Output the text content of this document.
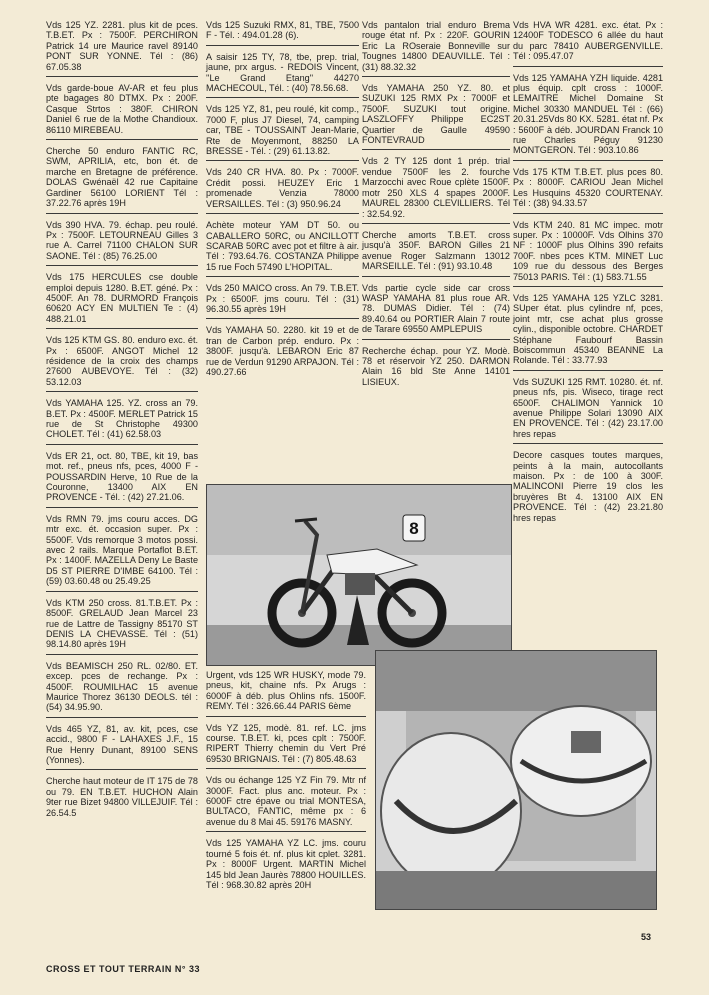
Vds 125 YZ. 2281. plus kit de pces. T.B.ET. Px : 7500F. PERCHIRON Patrick 14 ure Maurice ravel 89140 PONT SUR YONNE. Tél : (86) 67.05.38
Vds garde-boue AV-AR et feu plus pte bagages 80 DTMX. Px : 200F. Casque Strtos : 380F. CHIRON Daniel 6 rue de la Mothe Chandioux. 86110 MIREBEAU.
Cherche 50 enduro FANTIC RC, SWM, APRILIA, etc, bon ét. de marche en Bretagne de préférence. DOLAS Gwénaël 42 rue Capitaine Gardiner 56100 LORIENT Tél : 37.22.76 après 19H
Vds 390 HVA. 79. échap. peu roulé. Px : 7500F. LETOURNEAU Gilles 3 rue A. Carrel 71100 CHALON SUR SAONE. Tél : (85) 76.25.00
Vds 175 HERCULES cse double emploi depuis 1280. B.ET. géné. Px : 4500F. An 78. DURMORD François 60620 ACY EN MULTIEN Te : (4) 488.21.01
Vds 125 KTM GS. 80. enduro exc. ét. Px : 6500F. ANGOT Michel 12 résidence de la croix des champs 27600 AUBEVOYE. Tél : (32) 53.12.03
Vds YAMAHA 125. YZ. cross an 79. B.ET. Px : 4500F. MERLET Patrick 15 rue de St Christophe 49300 CHOLET. Tél : (41) 62.58.03
Vds ER 21, oct. 80, TBE, kit 19, bas mot. ref., pneus nfs, pces, 4000 F - POUSSARDIN Herve, 10 Rue de la Couronne, 13400 AIX EN PROVENCE - Tél. : (42) 27.21.06.
Vds RMN 79. jms couru acces. DG mtr exc. ét. occasion super. Px : 5500F. Vds remorque 3 motos possi. avec 2 rails. Marque Portaflot B.ET. Px : 1400F. MAZELLA Deny Le Baste D5 ST PIERRE D'IMBE 64100. Tél : (59) 03.60.48 ou 25.49.25
Vds KTM 250 cross. 81.T.B.ET. Px : 8500F. GRELAUD Jean Marcel 23 rue de Lattre de Tassigny 85170 ST DENIS LA CHEVASSE. Tél : (51) 98.14.80 après 19H
Vds BEAMISCH 250 RL. 02/80. ET. excep. pces de rechange. Px : 4500F. ROUMILHAC 15 avenue Maurice Thorez 36130 DEOLS. tél : (54) 34.95.90.
Vds 465 YZ, 81, av. kit, pces, cse accid., 9800 F - LAHAXES J.F., 15 Rue Henry Dunant, 89100 SENS (Yonnes).
Cherche haut moteur de IT 175 de 78 ou 79. EN T.B.ET. HUCHON Alain 9ter rue Bizet 94800 VILLEJUIF. Tél : 26.54.5
Vds 125 Suzuki RMX, 81, TBE, 7500 F - Tél. : 494.01.28 (6).
A saisir 125 TY, 78, tbe, prep. trial, jaune, prx argus. - REDOIS Vincent, ''Le Grand Etang'' 44270 MACHECOUL, Tél. : (40) 78.56.68.
Vds 125 YZ, 81, peu roulé, kit comp., 7000 F, plus J7 Diesel, 74, camping car, TBE - TOUSSAINT Jean-Marie, Rte de Moyenmont, 88250 LA BRESSE - Tél. : (29) 61.13.82.
Vds 240 CR HVA. 80. Px : 7000F. Crédit possi. HEUZEY Eric 1 promenade Venzia 78000 VERSAILLES. Tél : (3) 950.96.24
Achète moteur YAM DT 50. ou CABALLERO 50RC, ou ANCILLOTT SCARAB 50RC avec pot et filtre à air. Tél : 793.64.76. COSTANZA Philippe 15 rue Foch 57490 L'HOPITAL.
Vds 250 MAICO cross. An 79. T.B.ET. Px : 6500F. jms couru. Tél : (31) 96.30.55 après 19H
Vds YAMAHA 50. 2280. kit 19 et de tran de Carbon prép. enduro. Px : 3800F. jusqu'à. LEBARON Eric 87 rue de Verdun 91290 ARPAJON. Tél : 490.27.66
Vds pantalon trial enduro Brema rouge état nf. Px : 220F. GOURIN Eric La ROseraie Bonneville sur Tougnes 14800 DEAUVILLE. Tél : (31) 88.32.32
Vds YAMAHA 250 YZ. 80. et SUZUKI 125 RMX Px : 7000F et 7500F. SUZUKI tout origine. LASZLOFFY Philippe EC2ST Quartier de Gaulle 49590 FONTEVRAUD
Vds 2 TY 125 dont 1 prép. trial vendue 7500F les 2. fourche Marzocchi avec Roue cplète 1500F. motr 250 XLS 4 spapes 2000F. MAUREL 28300 CLEVILLIERS. Tél : 32.54.92.
Cherche amorts T.B.ET. cross jusqu'à 350F. BARON Gilles 21 avenue Roger Salzmann 13012 MARSEILLE. Tél : (91) 93.10.48
Vds partie cycle side car cross WASP YAMAHA 81 plus roue AR. 78. DUMAS Didier. Tél : (74) 89.40.64 ou PORTIER Alain 7 route de Tarare 69550 AMPLEPUIS
Recherche échap. pour YZ. Modè. 78 et réservoir YZ 250. DARMON Alain 16 bld Ste Anne 14101 LISIEUX.
Vds HVA WR 4281. exc. état. Px : 12400F TODESCO 6 allée du haut du parc 78410 AUBERGENVILLE. Tél : 095.47.07
Vds 125 YAMAHA YZH liquide. 4281 plus équip. cplt cross : 1000F. LEMAITRE Michel Domaine St Michel 30330 MANDUEL Tél : (66) 20.31.25Vds 80 KX. 5281. état nf. Px : 5600F à déb. JOURDAN Franck 10 rue Charles Péguy 91230 MONTGERON. Tél : 903.10.86
Vds 175 KTM T.B.ET. plus pces 80. Px : 8000F. CARIOU Jean Michel Les Husquins 45320 COURTENAY. Tél : (38) 94.33.57
Vds KTM 240. 81 MC impec. motr super. Px : 10000F. Vds Olhins 370 NF : 1000F plus Olhins 390 refaits 700F. nbes pces KTM. MINET Luc 109 rue du dessous des Berges 75013 PARIS. Tél : (1) 583.71.55
Vds 125 YAMAHA 125 YZLC 3281. SUper état. plus cylindre nf, pces, joint mtr, cse achat plus grosse cylin., disponible octobre. CHARDET Stéphane Faubourf Bassin Boiscommun 45340 BEANNE La Rolande. Tél : 33.77.93
Vds SUZUKI 125 RMT. 10280. ét. nf. pneus nfs, pis. Wiseco, tirage rect 6500F. CHALIMON Yannick 10 avenue Philippe Solari 13090 AIX EN PROVENCE. Tél : (42) 23.17.00 hres repas
Decore casques toutes marques, peints à la main, autocollants maison. Px : de 100 à 300F. MALINCONI Pierre 19 clos les bruyères Bt 4. 13100 AIX EN PROVENCE. Tél : (42) 23.21.80 hres repas
8
Urgent, vds 125 WR HUSKY, mode 79. pneus, kit, chaine nfs. Px Arugs : 6000F à déb. plus Ohlins nfs. 1500F. REMY. Tél : 326.66.44 PARIS 6ème
Vds YZ 125, modè. 81. ref. LC. jms course. T.B.ET. ki, pces cplt : 7500F. RIPERT Thierry chemin du Vert Pré 69530 BRIGNAIS. Tél : (7) 805.48.63
Vds ou échange 125 YZ Fin 79. Mtr nf 3000F. Fact. plus anc. moteur. Px : 6000F ctre épave ou trial MONTESA, BULTACO, FANTIC, même px : 6 avenue du 8 Mai 45. 59176 MASNY.
Vds 125 YAMAHA YZ LC. jms. couru tourné 5 fois ét. nf. plus kit cplet. 3281. Px : 8000F Urgent. MARTIN Michel 145 bld Jean Jaurès 78800 HOUILLES. Tél : 968.30.82 après 20H
CROSS ET TOUT TERRAIN N° 33
53
